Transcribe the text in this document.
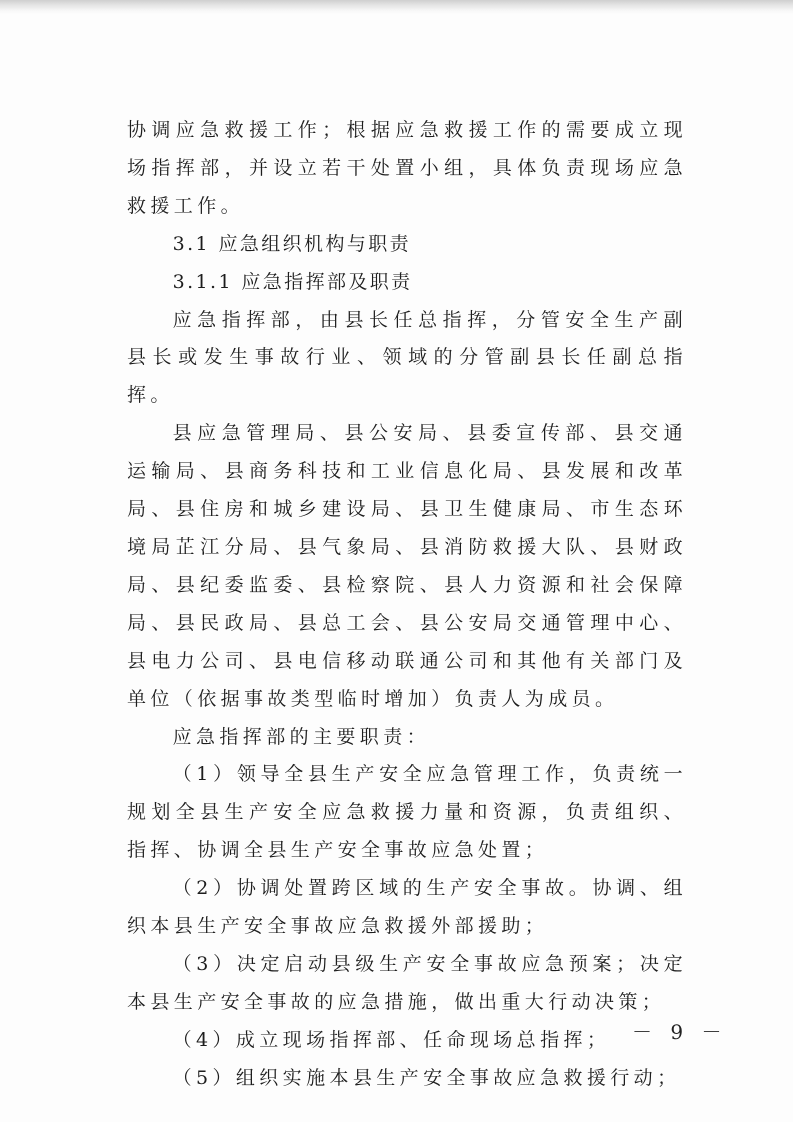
协调应急救援工作；根据应急救援工作的需要成立现场指挥部，并设立若干处置小组，具体负责现场应急救援工作。

3.1 应急组织机构与职责

3.1.1 应急指挥部及职责

应急指挥部，由县长任总指挥，分管安全生产副县长或发生事故行业、领域的分管副县长任副总指挥。

县应急管理局、县公安局、县委宣传部、县交通运输局、县商务科技和工业信息化局、县发展和改革局、县住房和城乡建设局、县卫生健康局、市生态环境局芷江分局、县气象局、县消防救援大队、县财政局、县纪委监委、县检察院、县人力资源和社会保障局、县民政局、县总工会、县公安局交通管理中心、县电力公司、县电信移动联通公司和其他有关部门及单位（依据事故类型临时增加）负责人为成员。

应急指挥部的主要职责：

（1）领导全县生产安全应急管理工作，负责统一规划全县生产安全应急救援力量和资源，负责组织、指挥、协调全县生产安全事故应急处置；

（2）协调处置跨区域的生产安全事故。协调、组织本县生产安全事故应急救援外部援助；

（3）决定启动县级生产安全事故应急预案；决定本县生产安全事故的应急措施，做出重大行动决策；

（4）成立现场指挥部、任命现场总指挥；

（5）组织实施本县生产安全事故应急救援行动；

－ 9 －
